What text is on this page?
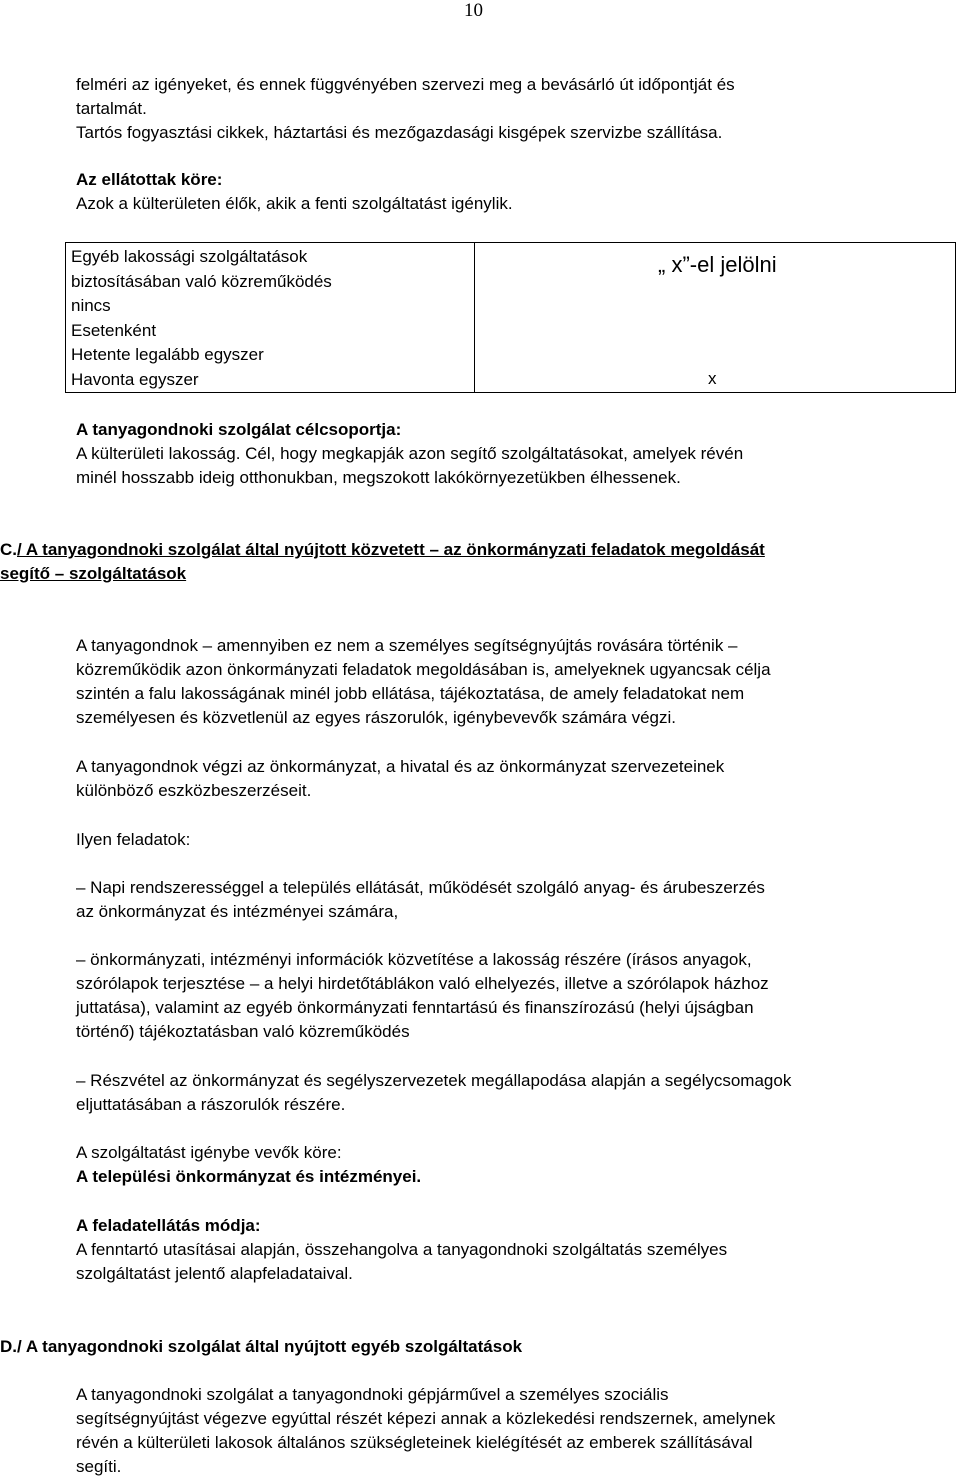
10
felméri az igényeket, és ennek függvényében szervezi meg a bevásárló út időpontját és
tartalmát.
Tartós fogyasztási cikkek, háztartási és mezőgazdasági kisgépek szervizbe szállítása.
Az ellátottak köre:
Azok a külterületen élők, akik a fenti szolgáltatást igénylik.
Egyéb lakossági szolgáltatások
biztosításában való közreműködés
nincs
Esetenként
Hetente legalább egyszer
Havonta egyszer
„ x”-el jelölni
x
A tanyagondnoki szolgálat célcsoportja:
A külterületi lakosság. Cél, hogy megkapják azon segítő szolgáltatásokat, amelyek révén
minél hosszabb ideig otthonukban, megszokott lakókörnyezetükben élhessenek.
C./ A tanyagondnoki szolgálat által nyújtott közvetett – az önkormányzati feladatok megoldását
segítő – szolgáltatások
A tanyagondnok – amennyiben ez nem a személyes segítségnyújtás rovására történik –
közreműködik azon önkormányzati feladatok megoldásában is, amelyeknek ugyancsak célja
szintén a falu lakosságának minél jobb ellátása, tájékoztatása, de amely feladatokat nem
személyesen és közvetlenül az egyes rászorulók, igénybevevők számára végzi.
A tanyagondnok végzi az önkormányzat, a hivatal és az önkormányzat szervezeteinek
különböző eszközbeszerzéseit.
Ilyen feladatok:
– Napi rendszerességgel a település ellátását, működését szolgáló anyag- és árubeszerzés
az önkormányzat és intézményei számára,
– önkormányzati, intézményi információk közvetítése a lakosság részére (írásos anyagok,
szórólapok terjesztése – a helyi hirdetőtáblákon való elhelyezés, illetve a szórólapok házhoz
juttatása), valamint az egyéb önkormányzati fenntartású és finanszírozású (helyi újságban
történő) tájékoztatásban való közreműködés
– Részvétel az önkormányzat és segélyszervezetek megállapodása alapján a segélycsomagok
eljuttatásában a rászorulók részére.
A szolgáltatást igénybe vevők köre:
A települési önkormányzat és intézményei.
A feladatellátás módja:
A fenntartó utasításai alapján, összehangolva a tanyagondnoki szolgáltatás személyes
szolgáltatást jelentő alapfeladataival.
D./ A tanyagondnoki szolgálat által nyújtott egyéb szolgáltatások
A tanyagondnoki szolgálat a tanyagondnoki gépjárművel a személyes szociális
segítségnyújtást végezve egyúttal részét képezi annak a közlekedési rendszernek, amelynek
révén a külterületi lakosok általános szükségleteinek kielégítését az emberek szállításával
segíti.
